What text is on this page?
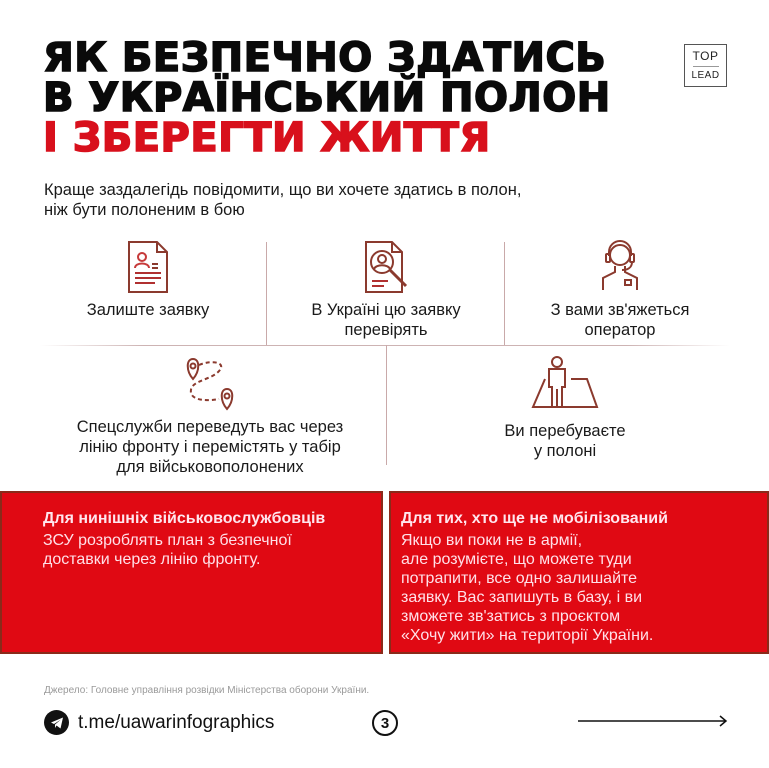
ЯК БЕЗПЕЧНО ЗДАТИСЬ
В УКРАЇНСЬКИЙ ПОЛОН
І ЗБЕРЕГТИ ЖИТТЯ
TOP
LEAD
Краще заздалегідь повідомити, що ви хочете здатись в полон,
ніж бути полоненим в бою
Залиште заявку	В Україні цю заявку
перевірять
З вами зв'яжеться
оператор
Спецслужби переведуть вас через
лінію фронту і перемістять у табір
для військовополонених
Ви перебуваєте
у полоні
Для нинішніх військовослужбовців
ЗСУ розроблять план з безпечної
доставки через лінію фронту.
Для тих, хто ще не мобілізований
Якщо ви поки не в армії,
але розумієте, що можете туди
потрапити, все одно залишайте
заявку. Вас запишуть в базу, і ви
зможете зв'затись з проєктом
«Хочу жити» на території України.
Джерело: Головне управління розвідки Міністерства оборони України.
t.me/uawarinfographics	3
